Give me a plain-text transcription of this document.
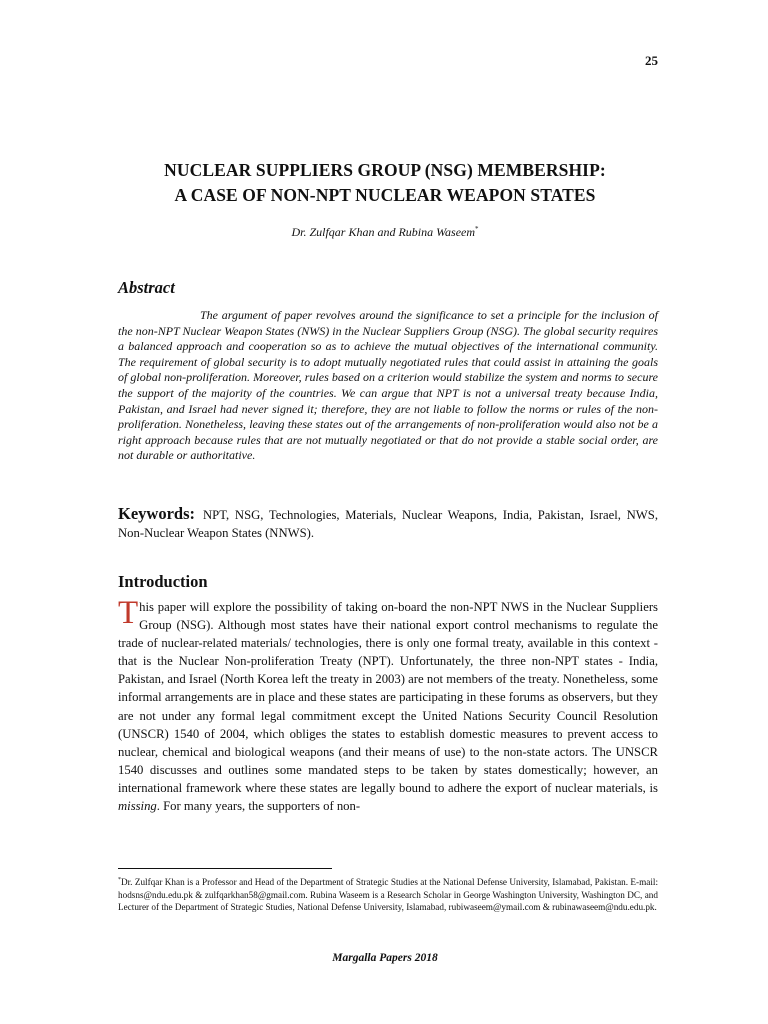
25
NUCLEAR SUPPLIERS GROUP (NSG) MEMBERSHIP:
A CASE OF NON-NPT NUCLEAR WEAPON STATES
Dr. Zulfqar Khan and Rubina Waseem*
Abstract
The argument of paper revolves around the significance to set a principle for the inclusion of the non-NPT Nuclear Weapon States (NWS) in the Nuclear Suppliers Group (NSG). The global security requires a balanced approach and cooperation so as to achieve the mutual objectives of the international community. The requirement of global security is to adopt mutually negotiated rules that could assist in attaining the goals of global non-proliferation. Moreover, rules based on a criterion would stabilize the system and norms to secure the support of the majority of the countries. We can argue that NPT is not a universal treaty because India, Pakistan, and Israel had never signed it; therefore, they are not liable to follow the norms or rules of the non-proliferation. Nonetheless, leaving these states out of the arrangements of non-proliferation would also not be a right approach because rules that are not mutually negotiated or that do not provide a stable social order, are not durable or authoritative.
Keywords: NPT, NSG, Technologies, Materials, Nuclear Weapons, India, Pakistan, Israel, NWS, Non-Nuclear Weapon States (NNWS).
Introduction
This paper will explore the possibility of taking on-board the non-NPT NWS in the Nuclear Suppliers Group (NSG). Although most states have their national export control mechanisms to regulate the trade of nuclear-related materials/ technologies, there is only one formal treaty, available in this context - that is the Nuclear Non-proliferation Treaty (NPT). Unfortunately, the three non-NPT states - India, Pakistan, and Israel (North Korea left the treaty in 2003) are not members of the treaty. Nonetheless, some informal arrangements are in place and these states are participating in these forums as observers, but they are not under any formal legal commitment except the United Nations Security Council Resolution (UNSCR) 1540 of 2004, which obliges the states to establish domestic measures to prevent access to nuclear, chemical and biological weapons (and their means of use) to the non-state actors. The UNSCR 1540 discusses and outlines some mandated steps to be taken by states domestically; however, an international framework where these states are legally bound to adhere the export of nuclear materials, is missing. For many years, the supporters of non-
*Dr. Zulfqar Khan is a Professor and Head of the Department of Strategic Studies at the National Defense University, Islamabad, Pakistan. E-mail: hodsns@ndu.edu.pk & zulfqarkhan58@gmail.com. Rubina Waseem is a Research Scholar in George Washington University, Washington DC, and Lecturer of the Department of Strategic Studies, National Defense University, Islamabad, rubiwaseem@ymail.com & rubinawaseem@ndu.edu.pk.
Margalla Papers 2018
